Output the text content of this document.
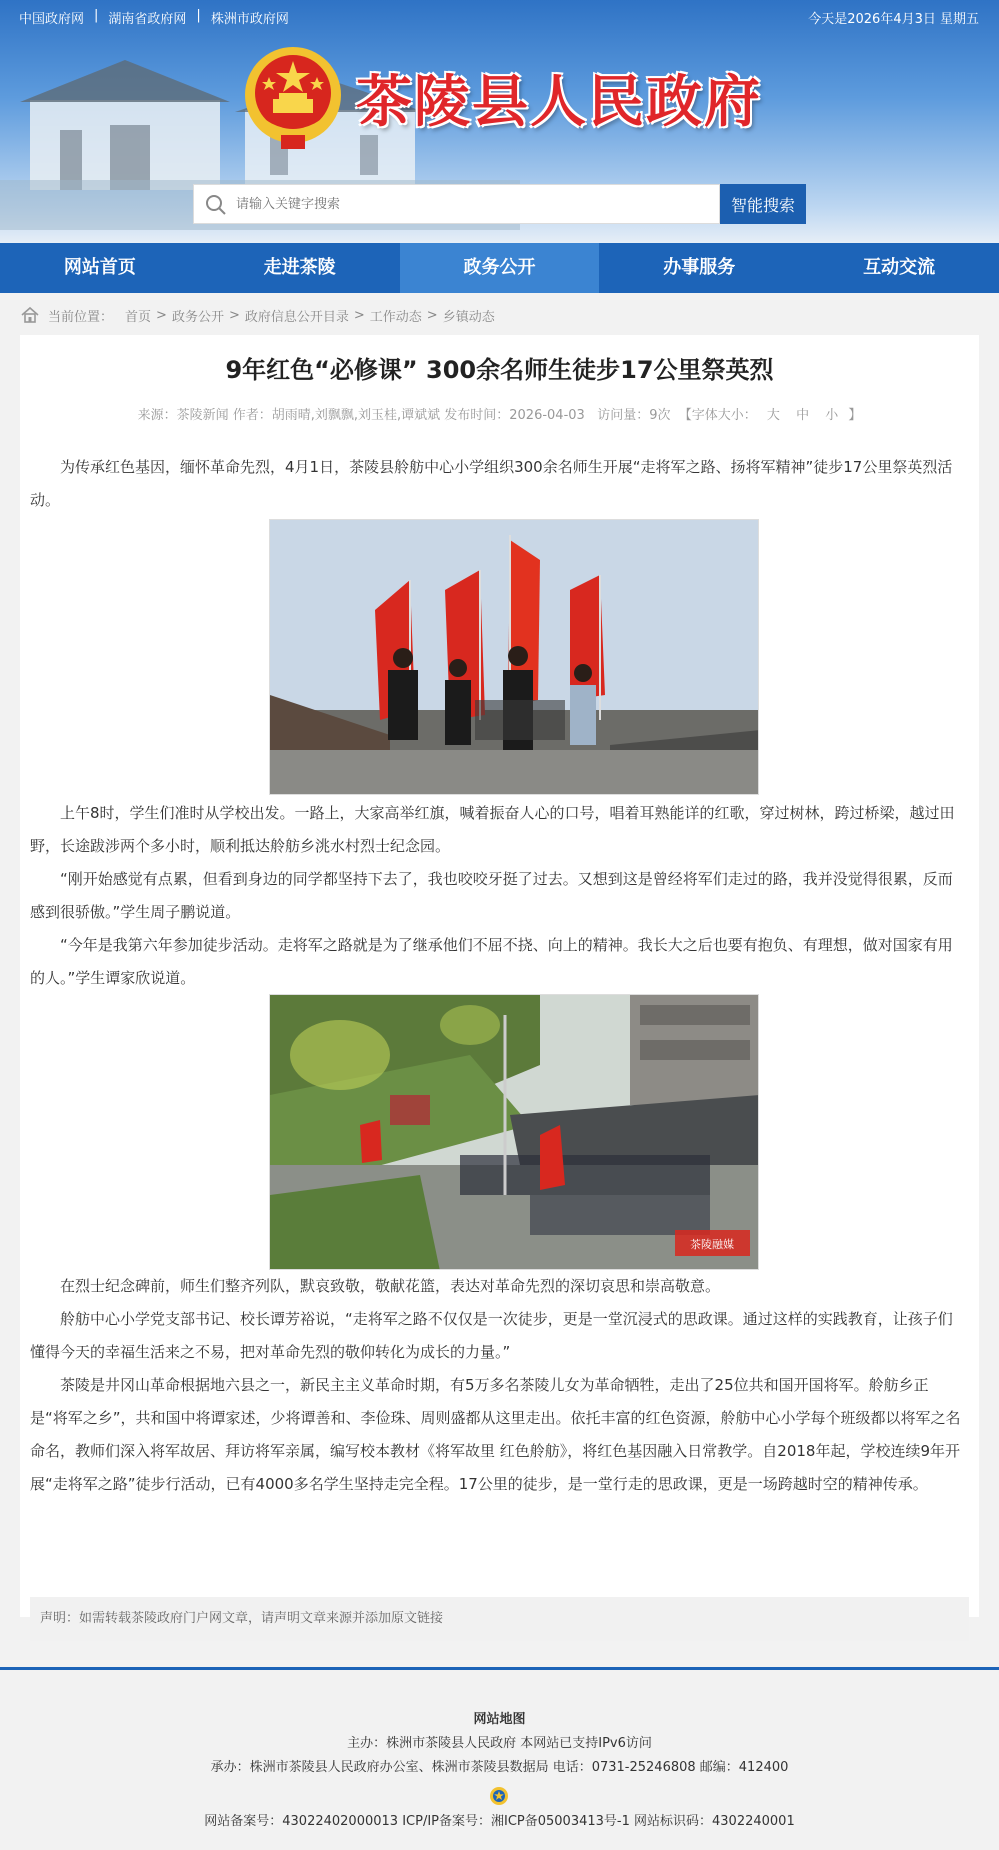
中国政府网 | 湖南省政府网 | 株洲市政府网	今天是2026年4月3日 星期五
茶陵县人民政府
请输入关键字搜索
智能搜索
网站首页	走进茶陵	政务公开	办事服务	互动交流
当前位置： 首页 > 政务公开 > 政府信息公开目录 > 工作动态 > 乡镇动态
9年红色“必修课” 300余名师生徒步17公里祭英烈
来源：茶陵新闻 作者：胡雨晴,刘飘飘,刘玉桂,谭斌斌 发布时间：2026-04-03 访问量：9次 【字体大小： 大 中 小 】

为传承红色基因，缅怀革命先烈，4月1日，茶陵县舲舫中心小学组织300余名师生开展“走将军之路、扬将军精神”徒步17公里祭英烈活动。

上午8时，学生们准时从学校出发。一路上，大家高举红旗，喊着振奋人心的口号，唱着耳熟能详的红歌，穿过树林，跨过桥梁，越过田野，长途跋涉两个多小时，顺利抵达舲舫乡洮水村烈士纪念园。

“刚开始感觉有点累，但看到身边的同学都坚持下去了，我也咬咬牙挺了过去。又想到这是曾经将军们走过的路，我并没觉得很累，反而感到很骄傲。”学生周子鹏说道。

“今年是我第六年参加徒步活动。走将军之路就是为了继承他们不屈不挠、向上的精神。我长大之后也要有抱负、有理想，做对国家有用的人。”学生谭家欣说道。

茶陵融媒

在烈士纪念碑前，师生们整齐列队，默哀致敬，敬献花篮，表达对革命先烈的深切哀思和崇高敬意。

舲舫中心小学党支部书记、校长谭芳裕说，“走将军之路不仅仅是一次徒步，更是一堂沉浸式的思政课。通过这样的实践教育，让孩子们懂得今天的幸福生活来之不易，把对革命先烈的敬仰转化为成长的力量。”

茶陵是井冈山革命根据地六县之一，新民主主义革命时期，有5万多名茶陵儿女为革命牺牲，走出了25位共和国开国将军。舲舫乡正是“将军之乡”，共和国中将谭家述，少将谭善和、李俭珠、周则盛都从这里走出。依托丰富的红色资源，舲舫中心小学每个班级都以将军之名命名，教师们深入将军故居、拜访将军亲属，编写校本教材《将军故里 红色舲舫》，将红色基因融入日常教学。自2018年起，学校连续9年开展“走将军之路”徒步行活动，已有4000多名学生坚持走完全程。17公里的徒步，是一堂行走的思政课，更是一场跨越时空的精神传承。

声明：如需转载茶陵政府门户网文章，请声明文章来源并添加原文链接
网站地图
主办：株洲市茶陵县人民政府 本网站已支持IPv6访问
承办：株洲市茶陵县人民政府办公室、株洲市茶陵县数据局 电话：0731-25246808 邮编：412400
网站备案号：43022402000013 ICP/IP备案号：湘ICP备05003413号-1 网站标识码：4302240001
